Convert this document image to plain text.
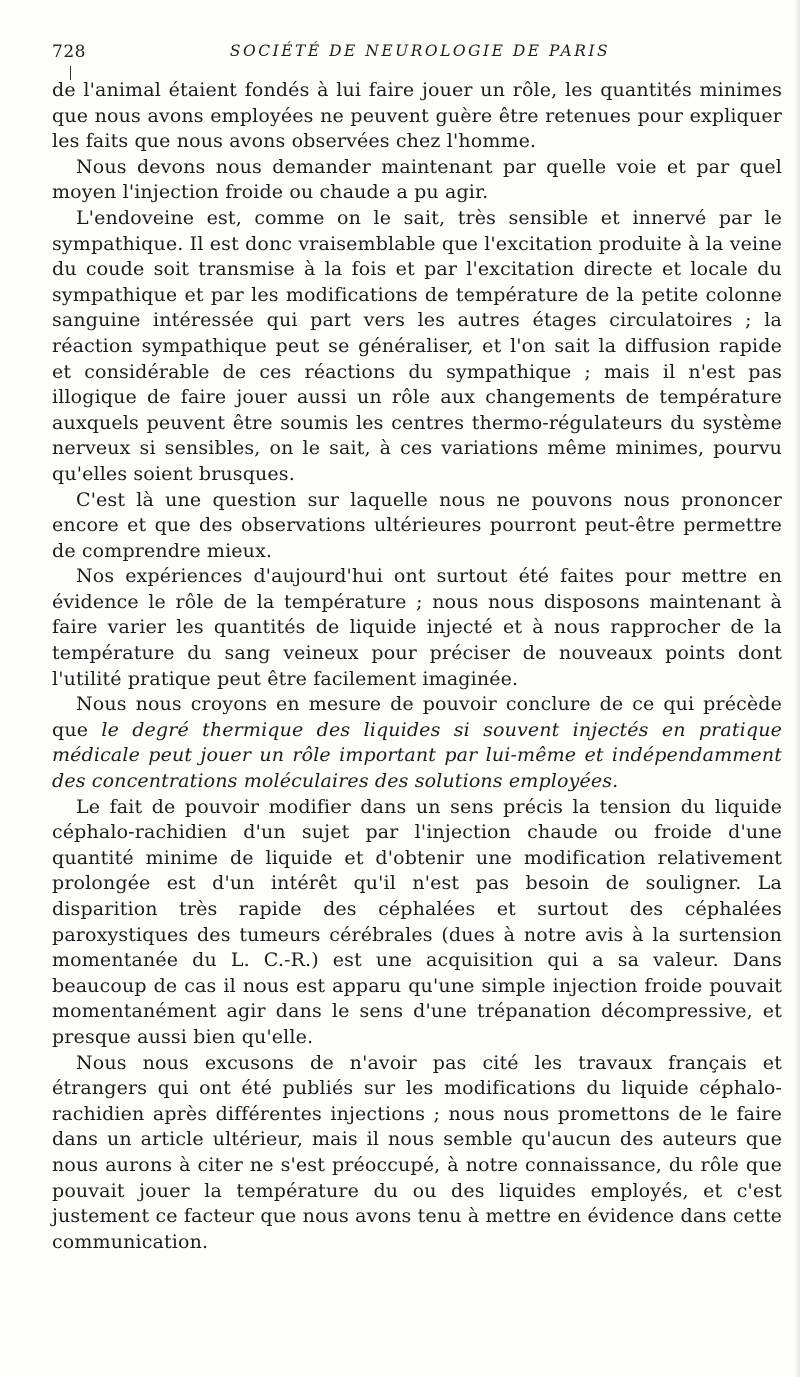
728	SOCIÉTÉ DE NEUROLOGIE DE PARIS

de l'animal étaient fondés à lui faire jouer un rôle, les quantités minimes que nous avons employées ne peuvent guère être retenues pour expliquer les faits que nous avons observées chez l'homme.

Nous devons nous demander maintenant par quelle voie et par quel moyen l'injection froide ou chaude a pu agir.

L'endoveine est, comme on le sait, très sensible et innervé par le sympathique. Il est donc vraisemblable que l'excitation produite à la veine du coude soit transmise à la fois et par l'excitation directe et locale du sympathique et par les modifications de température de la petite colonne sanguine intéressée qui part vers les autres étages circulatoires ; la réaction sympathique peut se généraliser, et l'on sait la diffusion rapide et considérable de ces réactions du sympathique ; mais il n'est pas illogique de faire jouer aussi un rôle aux changements de température auxquels peuvent être soumis les centres thermo-régulateurs du système nerveux si sensibles, on le sait, à ces variations même minimes, pourvu qu'elles soient brusques.

C'est là une question sur laquelle nous ne pouvons nous prononcer encore et que des observations ultérieures pourront peut-être permettre de comprendre mieux.

Nos expériences d'aujourd'hui ont surtout été faites pour mettre en évidence le rôle de la température ; nous nous disposons maintenant à faire varier les quantités de liquide injecté et à nous rapprocher de la température du sang veineux pour préciser de nouveaux points dont l'utilité pratique peut être facilement imaginée.

Nous nous croyons en mesure de pouvoir conclure de ce qui précède que le degré thermique des liquides si souvent injectés en pratique médicale peut jouer un rôle important par lui-même et indépendamment des concentrations moléculaires des solutions employées.

Le fait de pouvoir modifier dans un sens précis la tension du liquide céphalo-rachidien d'un sujet par l'injection chaude ou froide d'une quantité minime de liquide et d'obtenir une modification relativement prolongée est d'un intérêt qu'il n'est pas besoin de souligner. La disparition très rapide des céphalées et surtout des céphalées paroxystiques des tumeurs cérébrales (dues à notre avis à la surtension momentanée du L. C.-R.) est une acquisition qui a sa valeur. Dans beaucoup de cas il nous est apparu qu'une simple injection froide pouvait momentanément agir dans le sens d'une trépanation décompressive, et presque aussi bien qu'elle.

Nous nous excusons de n'avoir pas cité les travaux français et étrangers qui ont été publiés sur les modifications du liquide céphalo-rachidien après différentes injections ; nous nous promettons de le faire dans un article ultérieur, mais il nous semble qu'aucun des auteurs que nous aurons à citer ne s'est préoccupé, à notre connaissance, du rôle que pouvait jouer la température du ou des liquides employés, et c'est justement ce facteur que nous avons tenu à mettre en évidence dans cette communication.
